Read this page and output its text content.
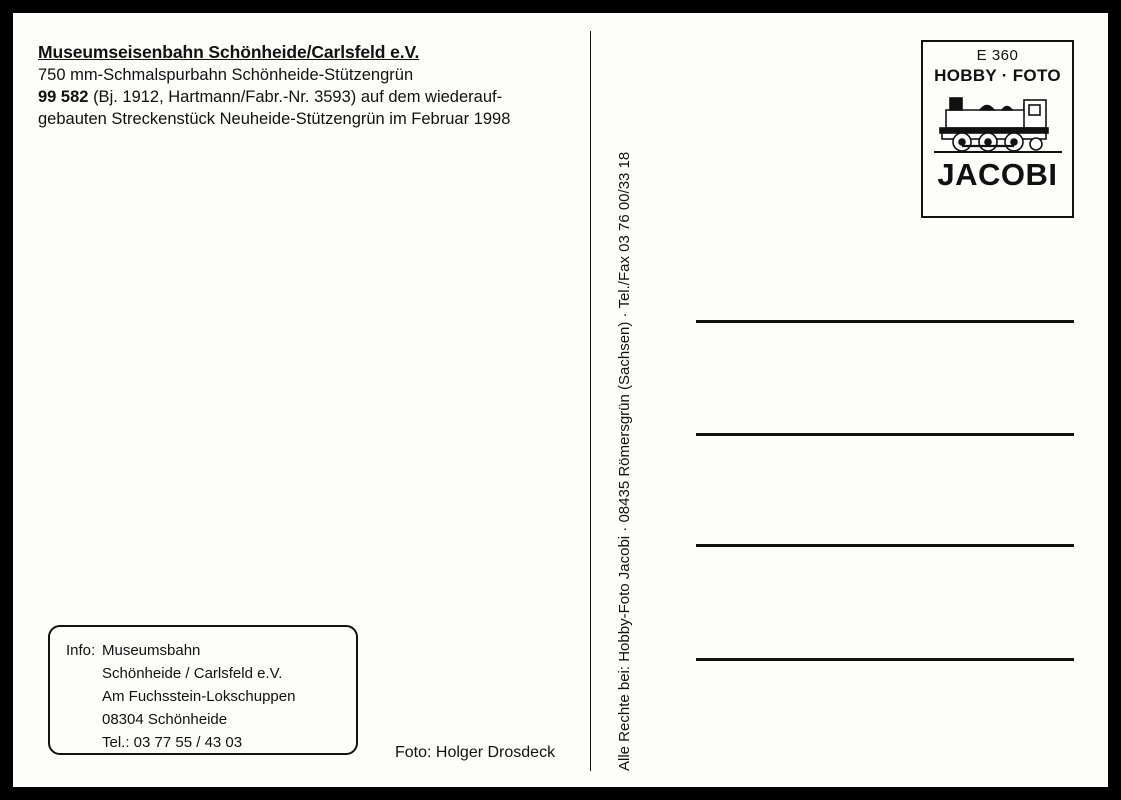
Museumseisenbahn Schönheide/Carlsfeld e.V.
750 mm-Schmalspurbahn Schönheide-Stützengrün
99 582 (Bj. 1912, Hartmann/Fabr.-Nr. 3593) auf dem wiederauf-
gebauten Streckenstück Neuheide-Stützengrün im Februar 1998
Alle Rechte bei: Hobby-Foto Jacobi · 08435 Römersgrün (Sachsen) · Tel./Fax 03 76 00/33 18
E 360
HOBBY · FOTO
JACOBI
Info: Museumsbahn
Schönheide / Carlsfeld e.V.
Am Fuchsstein-Lokschuppen
08304 Schönheide
Tel.: 03 77 55 / 43 03
Foto: Holger Drosdeck
